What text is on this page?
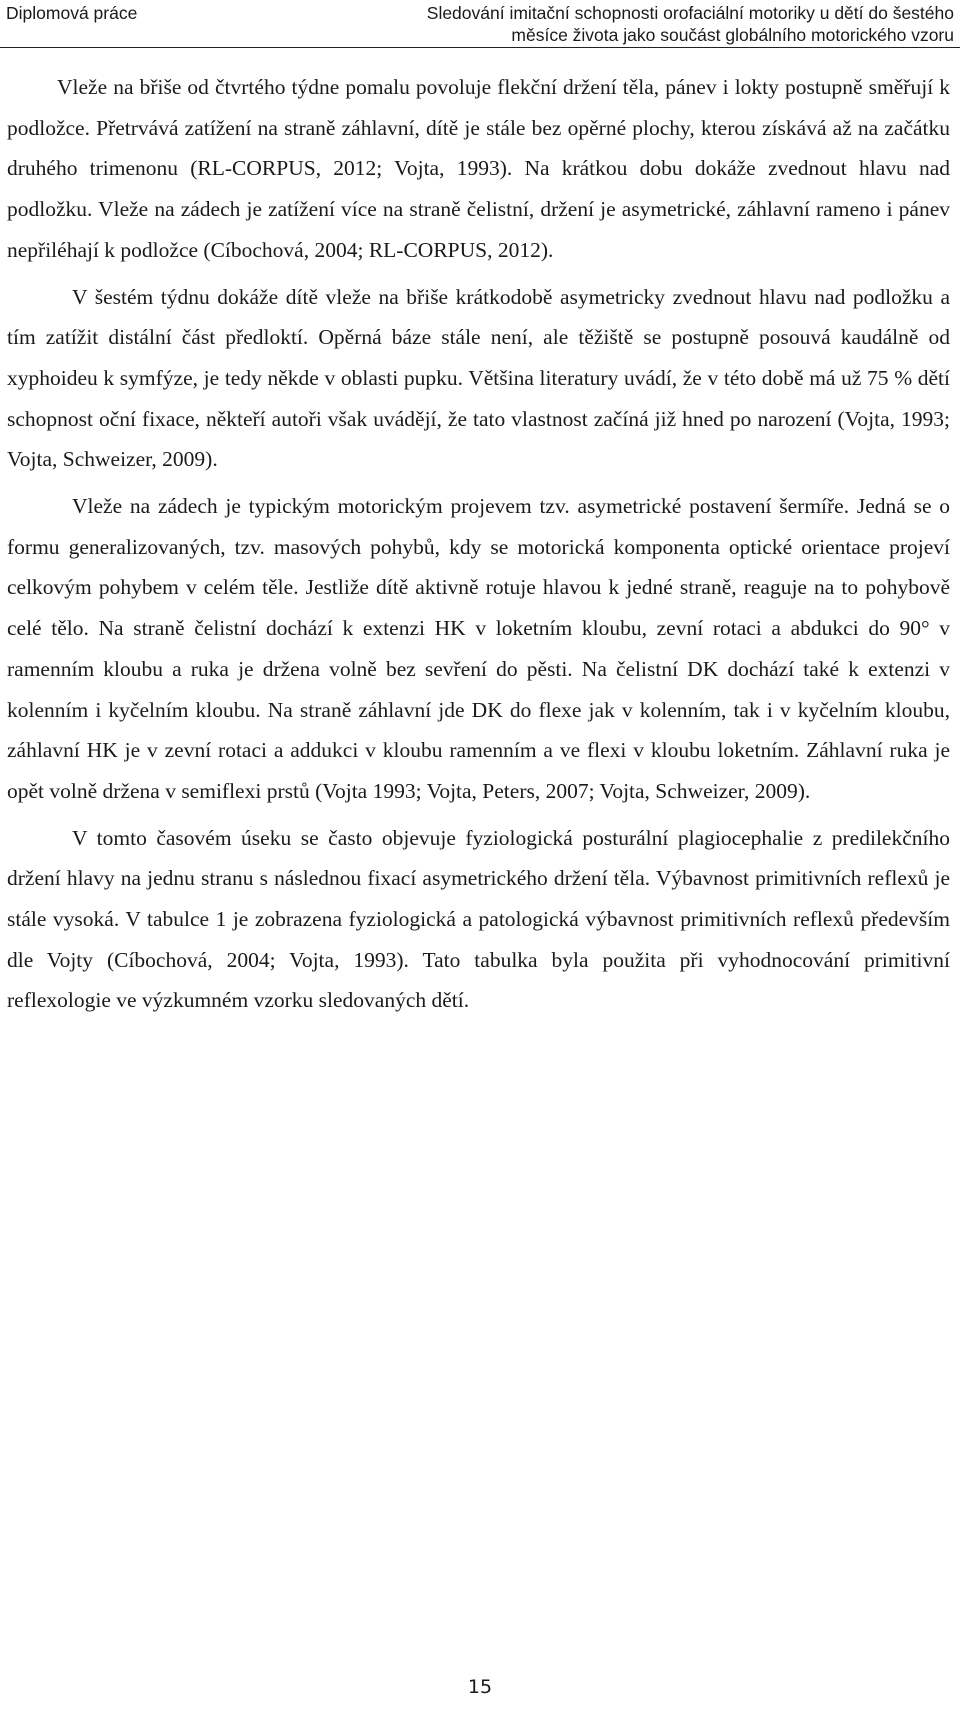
Diplomová práce	Sledování imitační schopnosti orofaciální motoriky u dětí do šestého
měsíce života jako součást globálního motorického vzoru

Vleže na břiše od čtvrtého týdne pomalu povoluje flekční držení těla, pánev i lokty postupně směřují k podložce. Přetrvává zatížení na straně záhlavní, dítě je stále bez opěrné plochy, kterou získává až na začátku druhého trimenonu (RL-CORPUS, 2012; Vojta, 1993). Na krátkou dobu dokáže zvednout hlavu nad podložku. Vleže na zádech je zatížení více na straně čelistní, držení je asymetrické, záhlavní rameno i pánev nepřiléhají k podložce (Cíbochová, 2004; RL-CORPUS, 2012).

V šestém týdnu dokáže dítě vleže na břiše krátkodobě asymetricky zvednout hlavu nad podložku a tím zatížit distální část předloktí. Opěrná báze stále není, ale těžiště se postupně posouvá kaudálně od xyphoideu k symfýze, je tedy někde v oblasti pupku. Většina literatury uvádí, že v této době má už 75 % dětí schopnost oční fixace, někteří autoři však uvádějí, že tato vlastnost začíná již hned po narození (Vojta, 1993; Vojta, Schweizer, 2009).

Vleže na zádech je typickým motorickým projevem tzv. asymetrické postavení šermíře. Jedná se o formu generalizovaných, tzv. masových pohybů, kdy se motorická komponenta optické orientace projeví celkovým pohybem v celém těle. Jestliže dítě aktivně rotuje hlavou k jedné straně, reaguje na to pohybově celé tělo. Na straně čelistní dochází k extenzi HK v loketním kloubu, zevní rotaci a abdukci do 90° v ramenním kloubu a ruka je držena volně bez sevření do pěsti. Na čelistní DK dochází také k extenzi v kolenním i kyčelním kloubu. Na straně záhlavní jde DK do flexe jak v kolenním, tak i v kyčelním kloubu, záhlavní HK je v zevní rotaci a addukci v kloubu ramenním a ve flexi v kloubu loketním. Záhlavní ruka je opět volně držena v semiflexi prstů (Vojta 1993; Vojta, Peters, 2007; Vojta, Schweizer, 2009).

V tomto časovém úseku se často objevuje fyziologická posturální plagiocephalie z predilekčního držení hlavy na jednu stranu s následnou fixací asymetrického držení těla. Výbavnost primitivních reflexů je stále vysoká. V tabulce 1 je zobrazena fyziologická a patologická výbavnost primitivních reflexů především dle Vojty (Cíbochová, 2004; Vojta, 1993). Tato tabulka byla použita při vyhodnocování primitivní reflexologie ve výzkumném vzorku sledovaných dětí.

15
